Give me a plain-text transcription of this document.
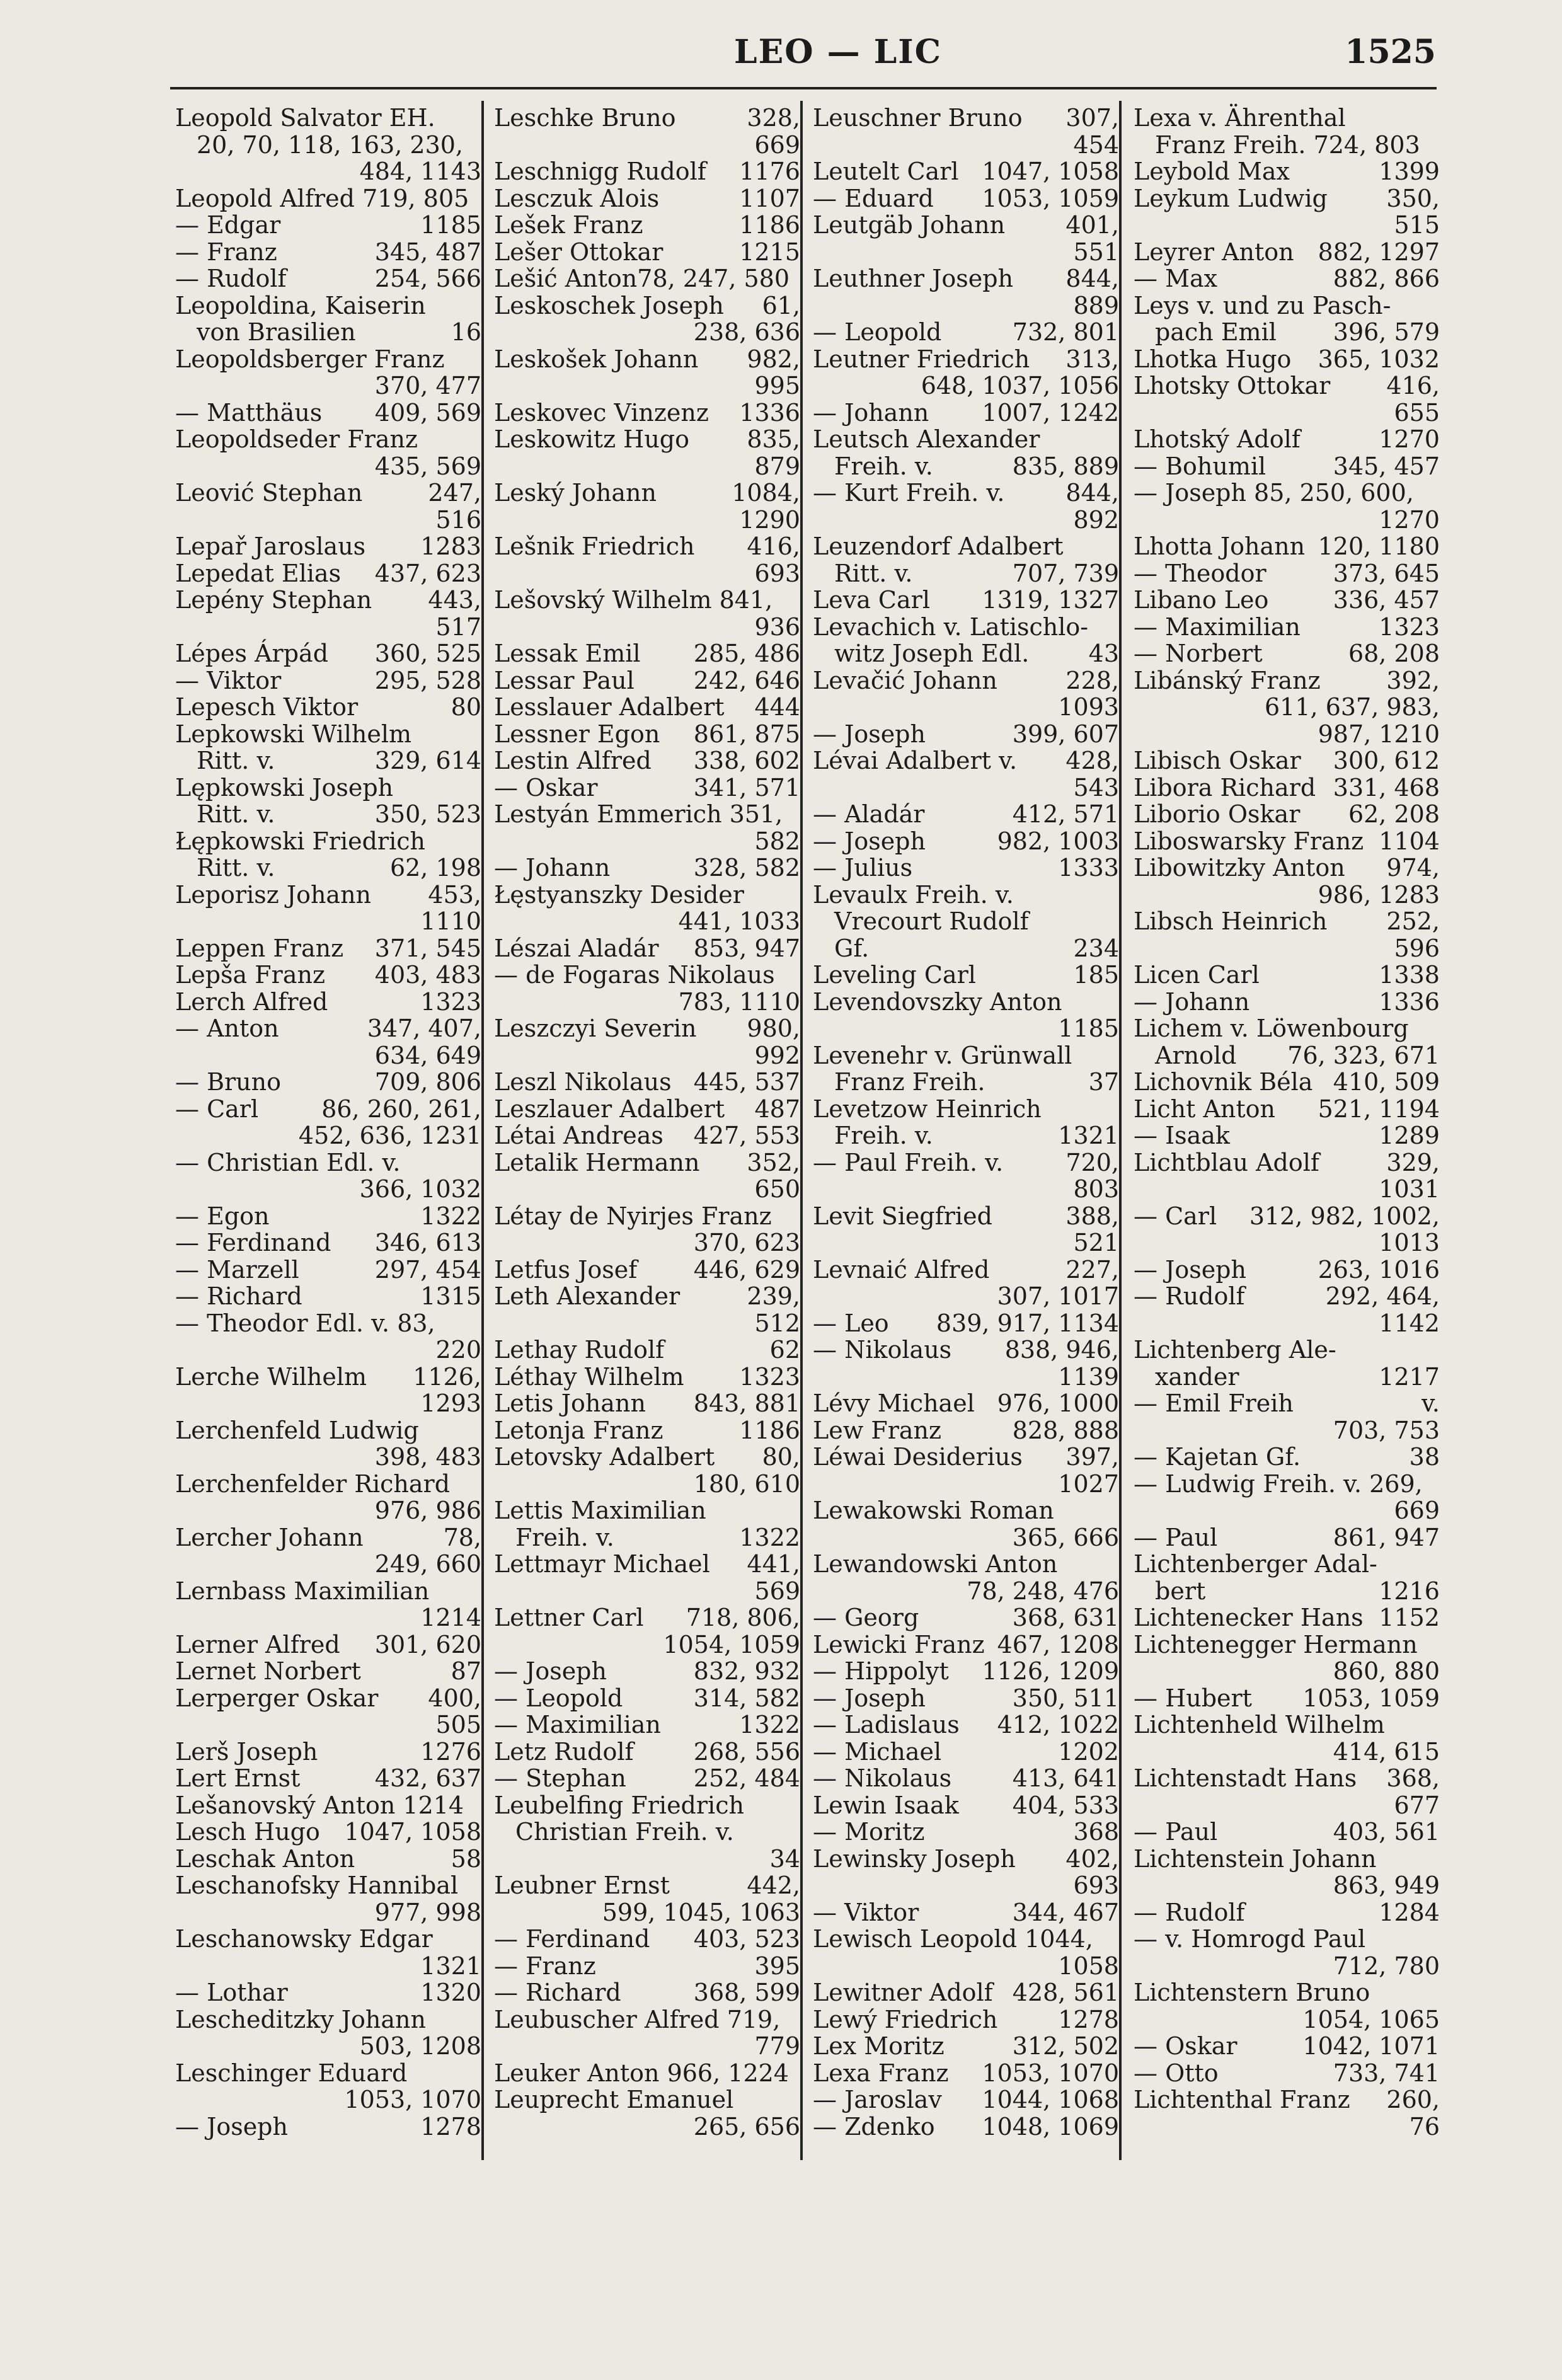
LEO — LIC	1525
Leopold Salvator EH.
20, 70, 118, 163, 230,
484, 1143
Leopold Alfred 719, 805
— Edgar	1185
— Franz	345, 487
— Rudolf	254, 566
Leopoldina, Kaiserin
von Brasilien	16
Leopoldsberger Franz
370, 477
— Matthäus 409, 569
Leopoldseder Franz
435, 569
Leović Stephan	247,
516
Lepař Jaroslaus 1283
Lepedat Elias 437, 623
Lepény Stephan 443,
517
Lépes Árpád 360, 525
— Viktor	295, 528
Lepesch Viktor	80
Lepkowski Wilhelm
Ritt. v.	329, 614
Lępkowski Joseph
Ritt. v.	350, 523
Łępkowski Friedrich
Ritt. v.	62, 198
Leporisz Johann 453,
1110
Leppen Franz 371, 545
Lepša Franz 403, 483
Lerch Alfred	1323
— Anton	347, 407,
634, 649
— Bruno	709, 806
— Carl	86, 260, 261,
452, 636, 1231
— Christian Edl. v.
366, 1032
— Egon	1322
— Ferdinand 346, 613
— Marzell	297, 454
— Richard	1315
— Theodor Edl. v. 83,
220
Lerche Wilhelm 1126,
1293
Lerchenfeld Ludwig
398, 483
Lerchenfelder Richard
976, 986
Lercher Johann	78,
249, 660
Lernbass Maximilian
1214
Lerner Alfred 301, 620
Lernet Norbert	87
Lerperger Oskar 400,
505
Lerš Joseph	1276
Lert Ernst	432, 637
Lešanovský Anton 1214
Lesch Hugo 1047, 1058
Leschak Anton	58
Leschanofsky Hannibal
977, 998
Leschanowsky Edgar
1321
— Lothar	1320
Lescheditzky Johann
503, 1208
Leschinger Eduard
1053, 1070
— Joseph	1278
Leschke Bruno	328,
669
Leschnigg Rudolf 1176
Lesczuk Alois	1107
Lešek Franz	1186
Lešer Ottokar	1215
Lešić Anton78, 247, 580
Leskoschek Joseph 61,
238, 636
Leskošek Johann 982,
995
Leskovec Vinzenz 1336
Leskowitz Hugo 835,
879
Leský Johann	1084,
1290
Lešnik Friedrich 416,
693
Lešovský Wilhelm 841,
936
Lessak Emil 285, 486
Lessar Paul 242, 646
Lesslauer Adalbert 444
Lessner Egon 861, 875
Lestin Alfred 338, 602
— Oskar	341, 571
Lestyán Emmerich 351,
582
— Johann	328, 582
Łęstyanszky Desider
441, 1033
Lészai Aladár 853, 947
— de Fogaras Nikolaus
783, 1110
Leszczyi Severin 980,
992
Leszl Nikolaus 445, 537
Leszlauer Adalbert 487
Létai Andreas 427, 553
Letalik Hermann 352,
650
Létay de Nyirjes Franz
370, 623
Letfus Josef 446, 629
Leth Alexander	239,
512
Lethay Rudolf	62
Léthay Wilhelm 1323
Letis Johann 843, 881
Letonja Franz	1186
Letovsky Adalbert 80,
180, 610
Lettis Maximilian
Freih. v.	1322
Lettmayr Michael 441,
569
Lettner Carl 718, 806,
1054, 1059
— Joseph	832, 932
— Leopold	314, 582
— Maximilian	1322
Letz Rudolf	268, 556
— Stephan	252, 484
Leubelfing Friedrich
Christian Freih. v.
34
Leubner Ernst	442,
599, 1045, 1063
— Ferdinand 403, 523
— Franz	395
— Richard	368, 599
Leubuscher Alfred 719,
779
Leuker Anton 966, 1224
Leuprecht Emanuel
265, 656
Leuschner Bruno 307,
454
Leutelt Carl 1047, 1058
— Eduard 1053, 1059
Leutgäb Johann	401,
551
Leuthner Joseph 844,
889
— Leopold	732, 801
Leutner Friedrich 313,
648, 1037, 1056
— Johann 1007, 1242
Leutsch Alexander
Freih. v.	835, 889
— Kurt Freih. v.	844,
892
Leuzendorf Adalbert
Ritt. v.	707, 739
Leva Carl 1319, 1327
Levachich v. Latischlo-
witz Joseph Edl. 43
Levačić Johann	228,
1093
— Joseph	399, 607
Lévai Adalbert v. 428,
543
— Aladár	412, 571
— Joseph	982, 1003
— Julius	1333
Levaulx Freih. v.
Vrecourt Rudolf
Gf.	234
Leveling Carl	185
Levendovszky Anton
1185
Levenehr v. Grünwall
Franz Freih.	37
Levetzow Heinrich
Freih. v.	1321
— Paul Freih. v.	720,
803
Levit Siegfried	388,
521
Levnaić Alfred	227,
307, 1017
— Leo 839, 917, 1134
— Nikolaus 838, 946,
1139
Lévy Michael 976, 1000
Lew Franz	828, 888
Léwai Desiderius 397,
1027
Lewakowski Roman
365, 666
Lewandowski Anton
78, 248, 476
— Georg	368, 631
Lewicki Franz 467, 1208
— Hippolyt 1126, 1209
— Joseph	350, 511
— Ladislaus 412, 1022
— Michael	1202
— Nikolaus	413, 641
Lewin Isaak 404, 533
— Moritz	368
Lewinsky Joseph 402,
693
— Viktor	344, 467
Lewisch Leopold 1044,
1058
Lewitner Adolf 428, 561
Lewý Friedrich	1278
Lex Moritz	312, 502
Lexa Franz 1053, 1070
— Jaroslav 1044, 1068
— Zdenko 1048, 1069
Lexa v. Ährenthal
Franz Freih. 724, 803
Leybold Max	1399
Leykum Ludwig 350,
515
Leyrer Anton 882, 1297
— Max	882, 866
Leys v. und zu Pasch-
pach Emil 396, 579
Lhotka Hugo 365, 1032
Lhotsky Ottokar 416,
655
Lhotský Adolf	1270
— Bohumil	345, 457
— Joseph 85, 250, 600,
1270
Lhotta Johann 120, 1180
— Theodor	373, 645
Libano Leo	336, 457
— Maximilian	1323
— Norbert	68, 208
Libánský Franz	392,
611, 637, 983,
987, 1210
Libisch Oskar 300, 612
Libora Richard 331, 468
Liborio Oskar 62, 208
Liboswarsky Franz 1104
Libowitzky Anton 974,
986, 1283
Libsch Heinrich 252,
596
Licen Carl	1338
— Johann	1336
Lichem v. Löwenbourg
Arnold 76, 323, 671
Lichovnik Béla 410, 509
Licht Anton 521, 1194
— Isaak	1289
Lichtblau Adolf	329,
1031
— Carl 312, 982, 1002,
1013
— Joseph	263, 1016
— Rudolf	292, 464,
1142
Lichtenberg Ale-
xander	1217
— Emil Freih	v.
703, 753
— Kajetan Gf.	38
— Ludwig Freih. v. 269,
669
— Paul	861, 947
Lichtenberger Adal-
bert	1216
Lichtenecker Hans 1152
Lichtenegger Hermann
860, 880
— Hubert 1053, 1059
Lichtenheld Wilhelm
414, 615
Lichtenstadt Hans 368,
677
— Paul	403, 561
Lichtenstein Johann
863, 949
— Rudolf	1284
— v. Homrogd Paul
712, 780
Lichtenstern Bruno
1054, 1065
— Oskar	1042, 1071
— Otto	733, 741
Lichtenthal Franz 260,
76
